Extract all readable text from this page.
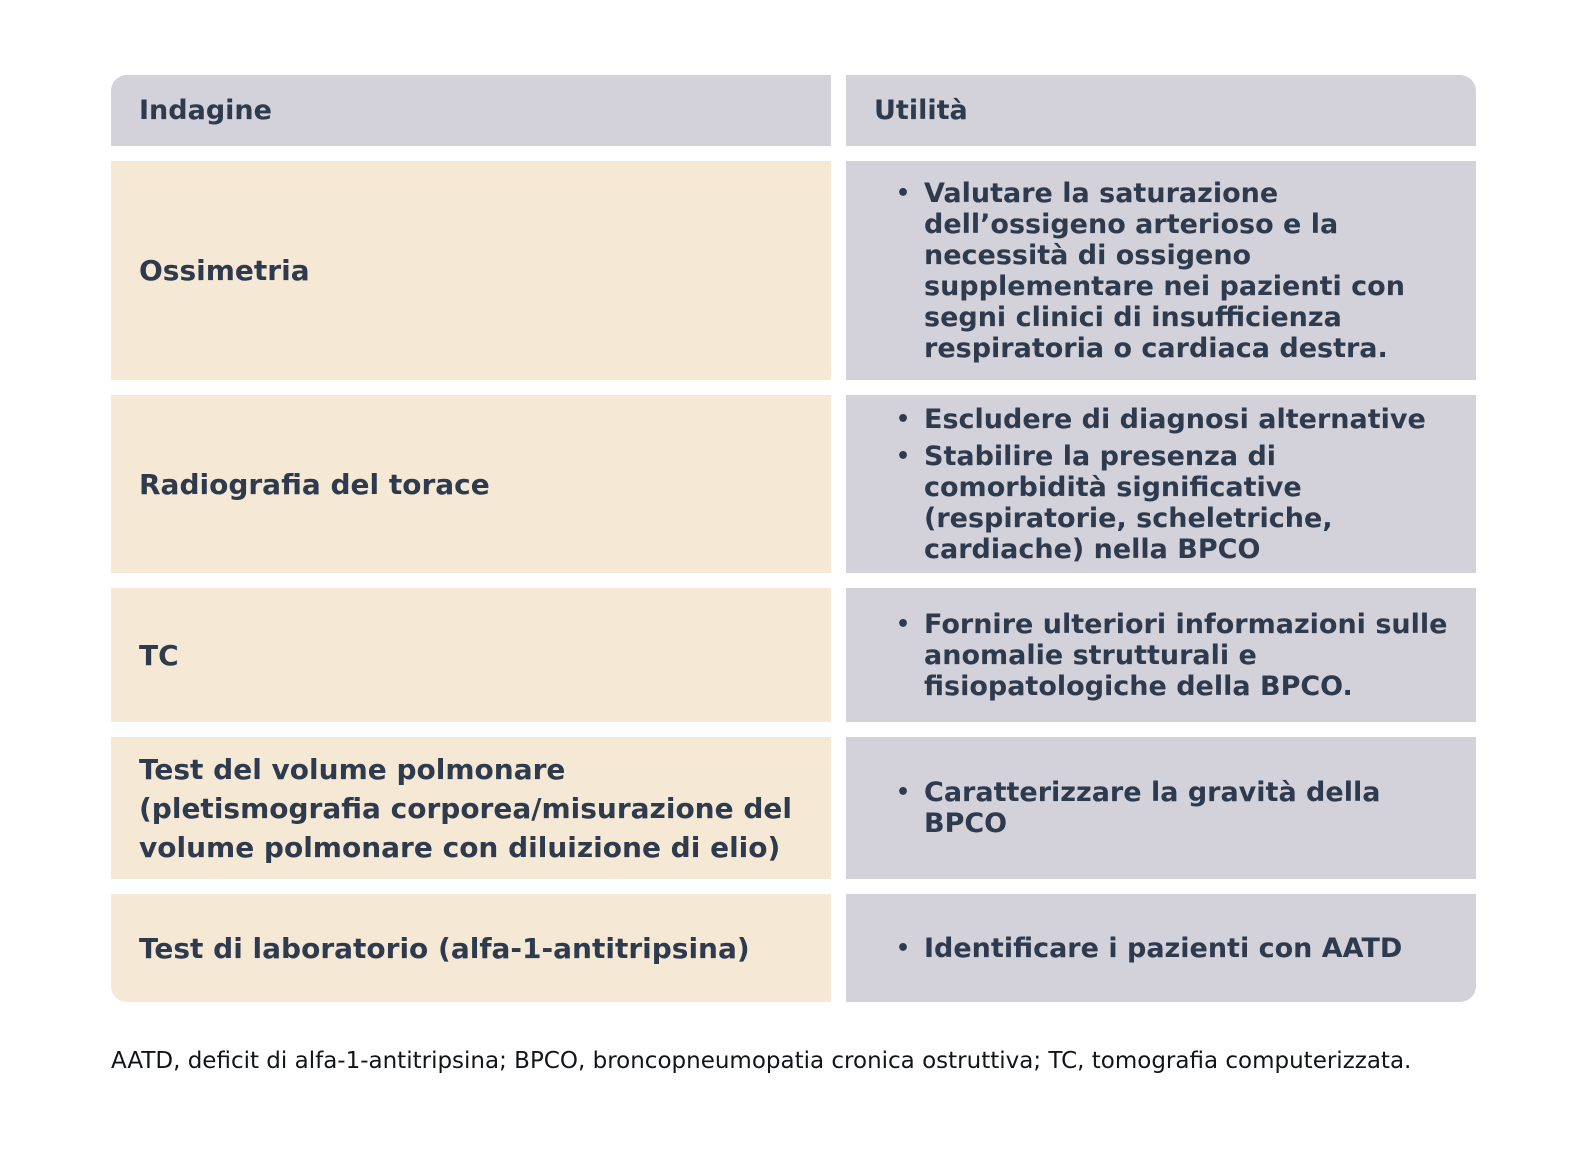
Indagine	Utilità
Ossimetria
• Valutare la saturazione dell’ossigeno arterioso e la necessità di ossigeno supplementare nei pazienti con segni clinici di insufficienza respiratoria o cardiaca destra.
Radiografia del torace
• Escludere di diagnosi alternative
• Stabilire la presenza di comorbidità significative (respiratorie, scheletriche, cardiache) nella BPCO
TC
• Fornire ulteriori informazioni sulle anomalie strutturali e fisiopatologiche della BPCO.
Test del volume polmonare (pletismografia corporea/misurazione del volume polmonare con diluizione di elio)
• Caratterizzare la gravità della BPCO
Test di laboratorio (alfa-1-antitripsina)	• Identificare i pazienti con AATD
AATD, deficit di alfa-1-antitripsina; BPCO, broncopneumopatia cronica ostruttiva; TC, tomografia computerizzata.
